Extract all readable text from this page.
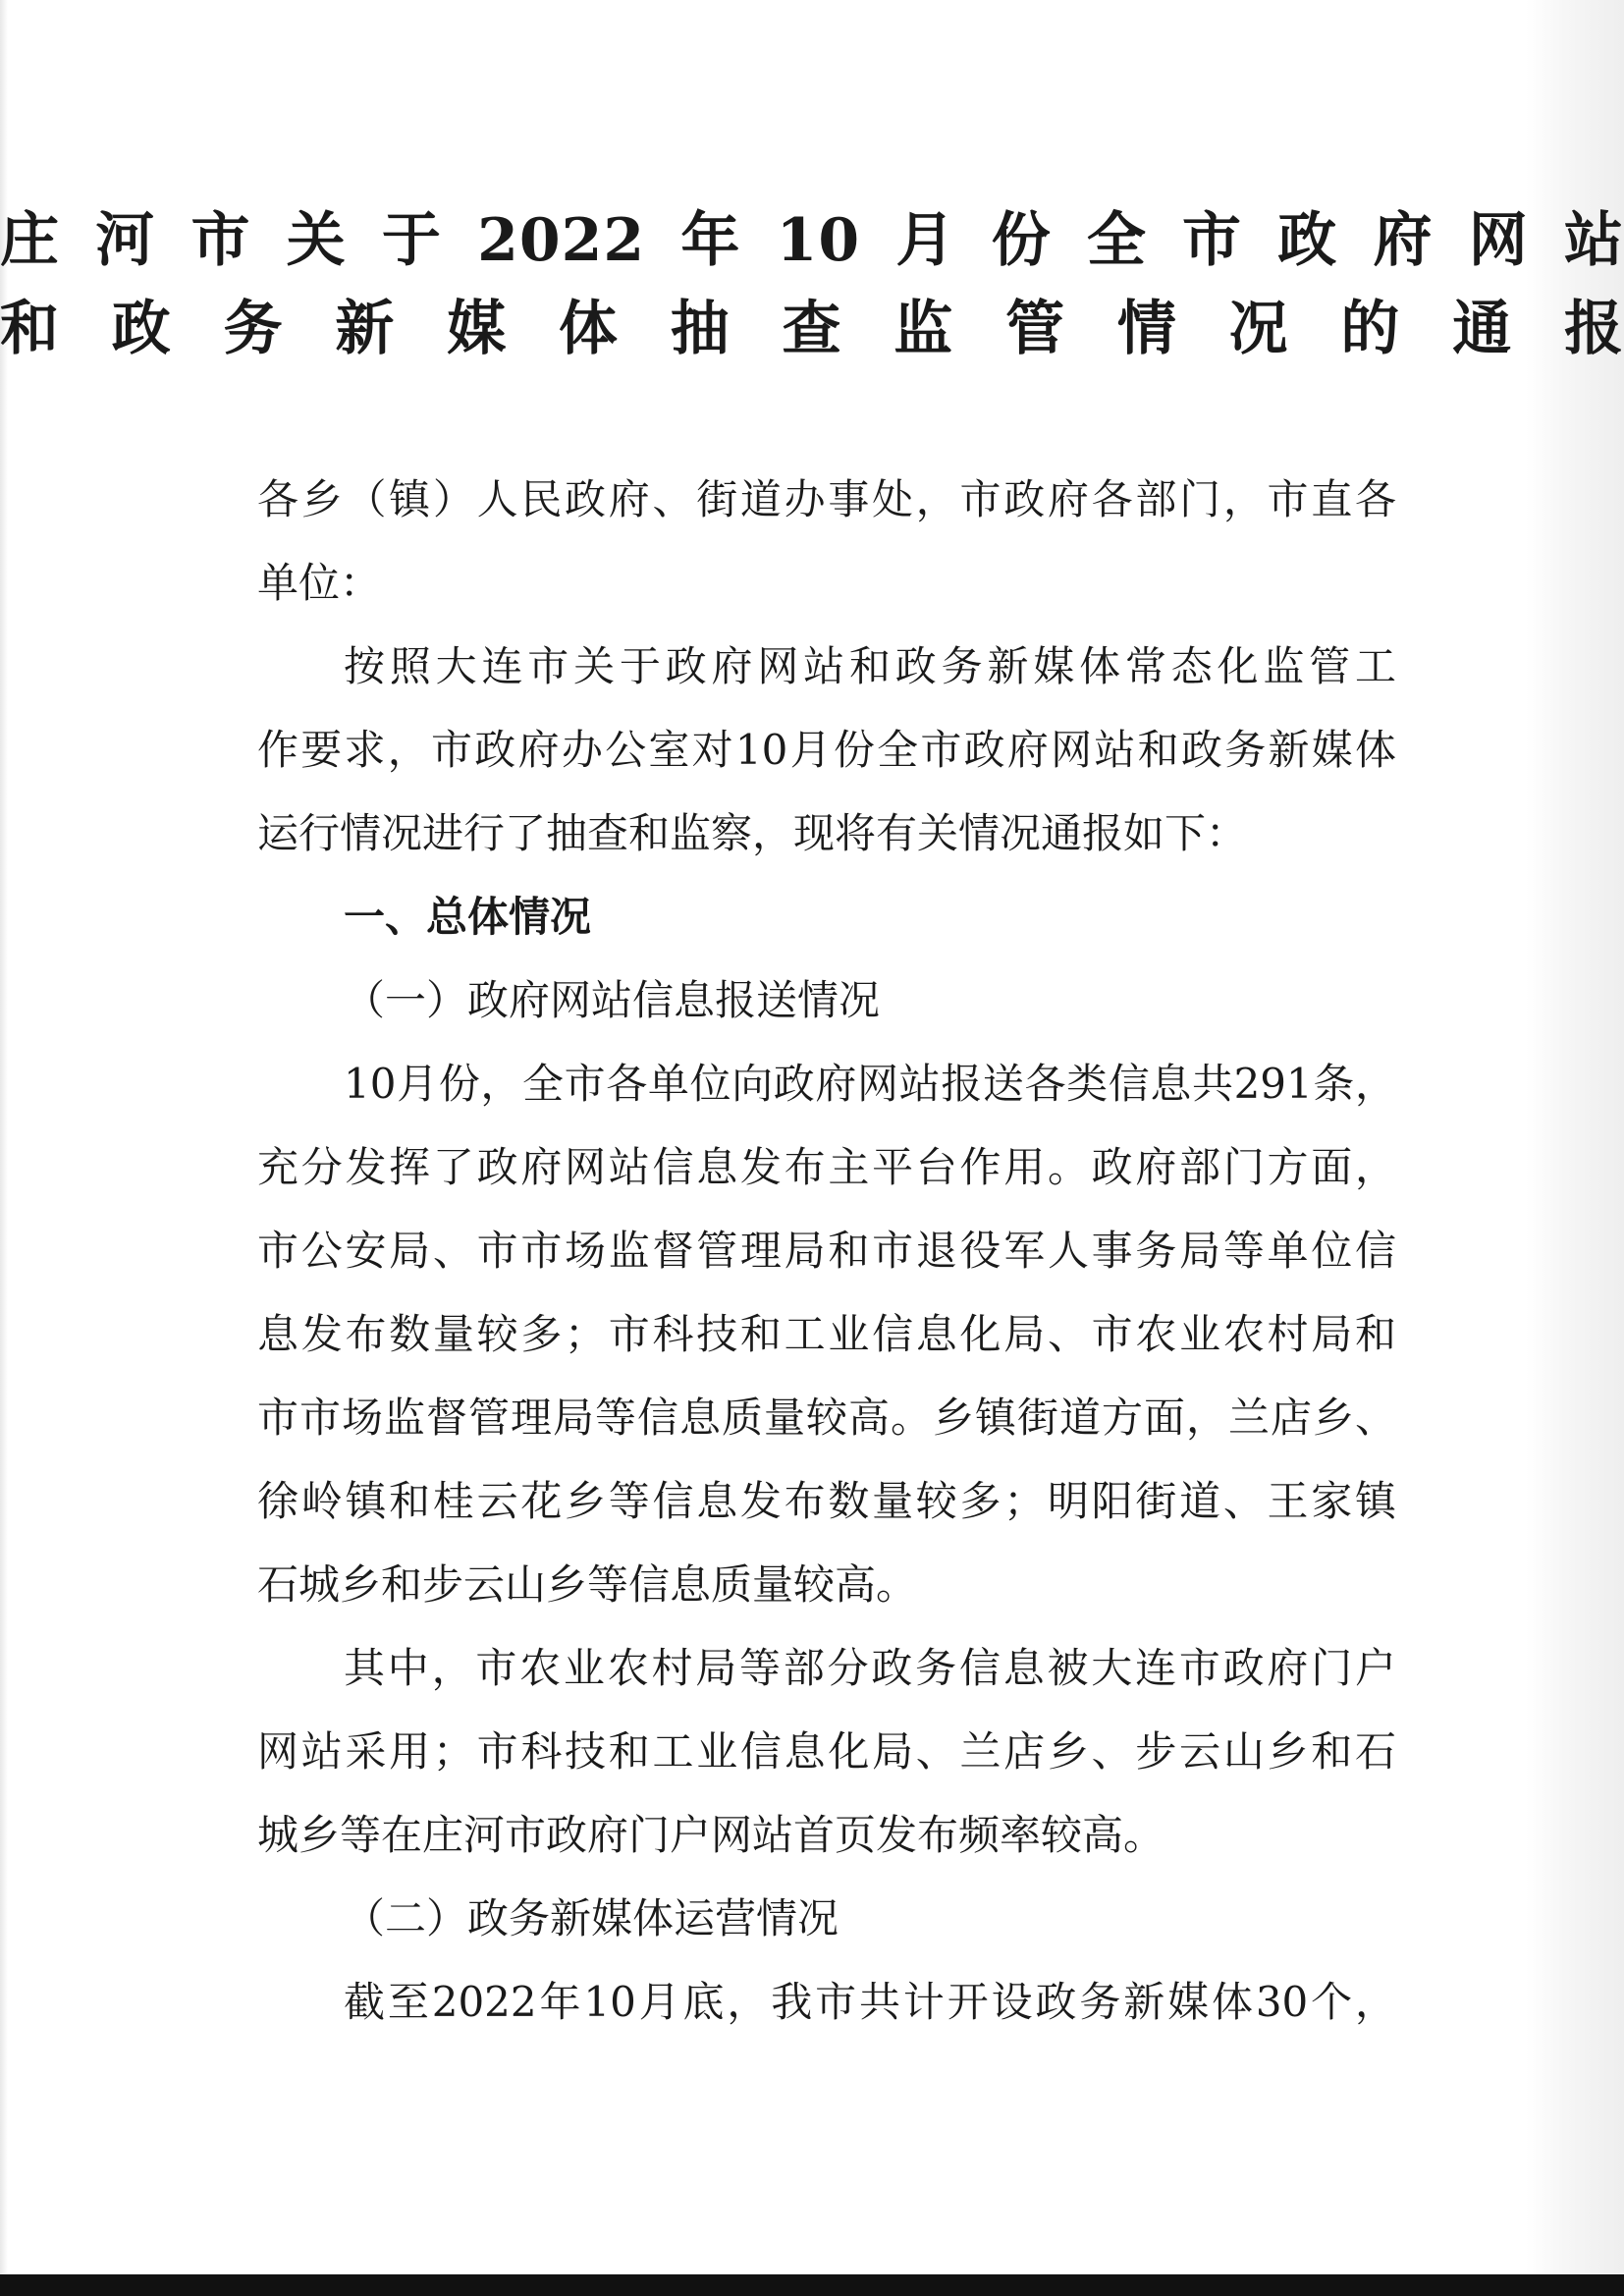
庄河市关于2022年10月份全市政府网站
和政务新媒体抽查监管情况的通报
各乡（镇）人民政府、街道办事处，市政府各部门，市直各
单位：
按照大连市关于政府网站和政务新媒体常态化监管工
作要求，市政府办公室对10月份全市政府网站和政务新媒体
运行情况进行了抽查和监察，现将有关情况通报如下：
一、总体情况
（一）政府网站信息报送情况
10月份，全市各单位向政府网站报送各类信息共291条，
充分发挥了政府网站信息发布主平台作用。政府部门方面，
市公安局、市市场监督管理局和市退役军人事务局等单位信
息发布数量较多；市科技和工业信息化局、市农业农村局和
市市场监督管理局等信息质量较高。乡镇街道方面，兰店乡、
徐岭镇和桂云花乡等信息发布数量较多；明阳街道、王家镇
石城乡和步云山乡等信息质量较高。
其中，市农业农村局等部分政务信息被大连市政府门户
网站采用；市科技和工业信息化局、兰店乡、步云山乡和石
城乡等在庄河市政府门户网站首页发布频率较高。
（二）政务新媒体运营情况
截至2022年10月底，我市共计开设政务新媒体30个，
